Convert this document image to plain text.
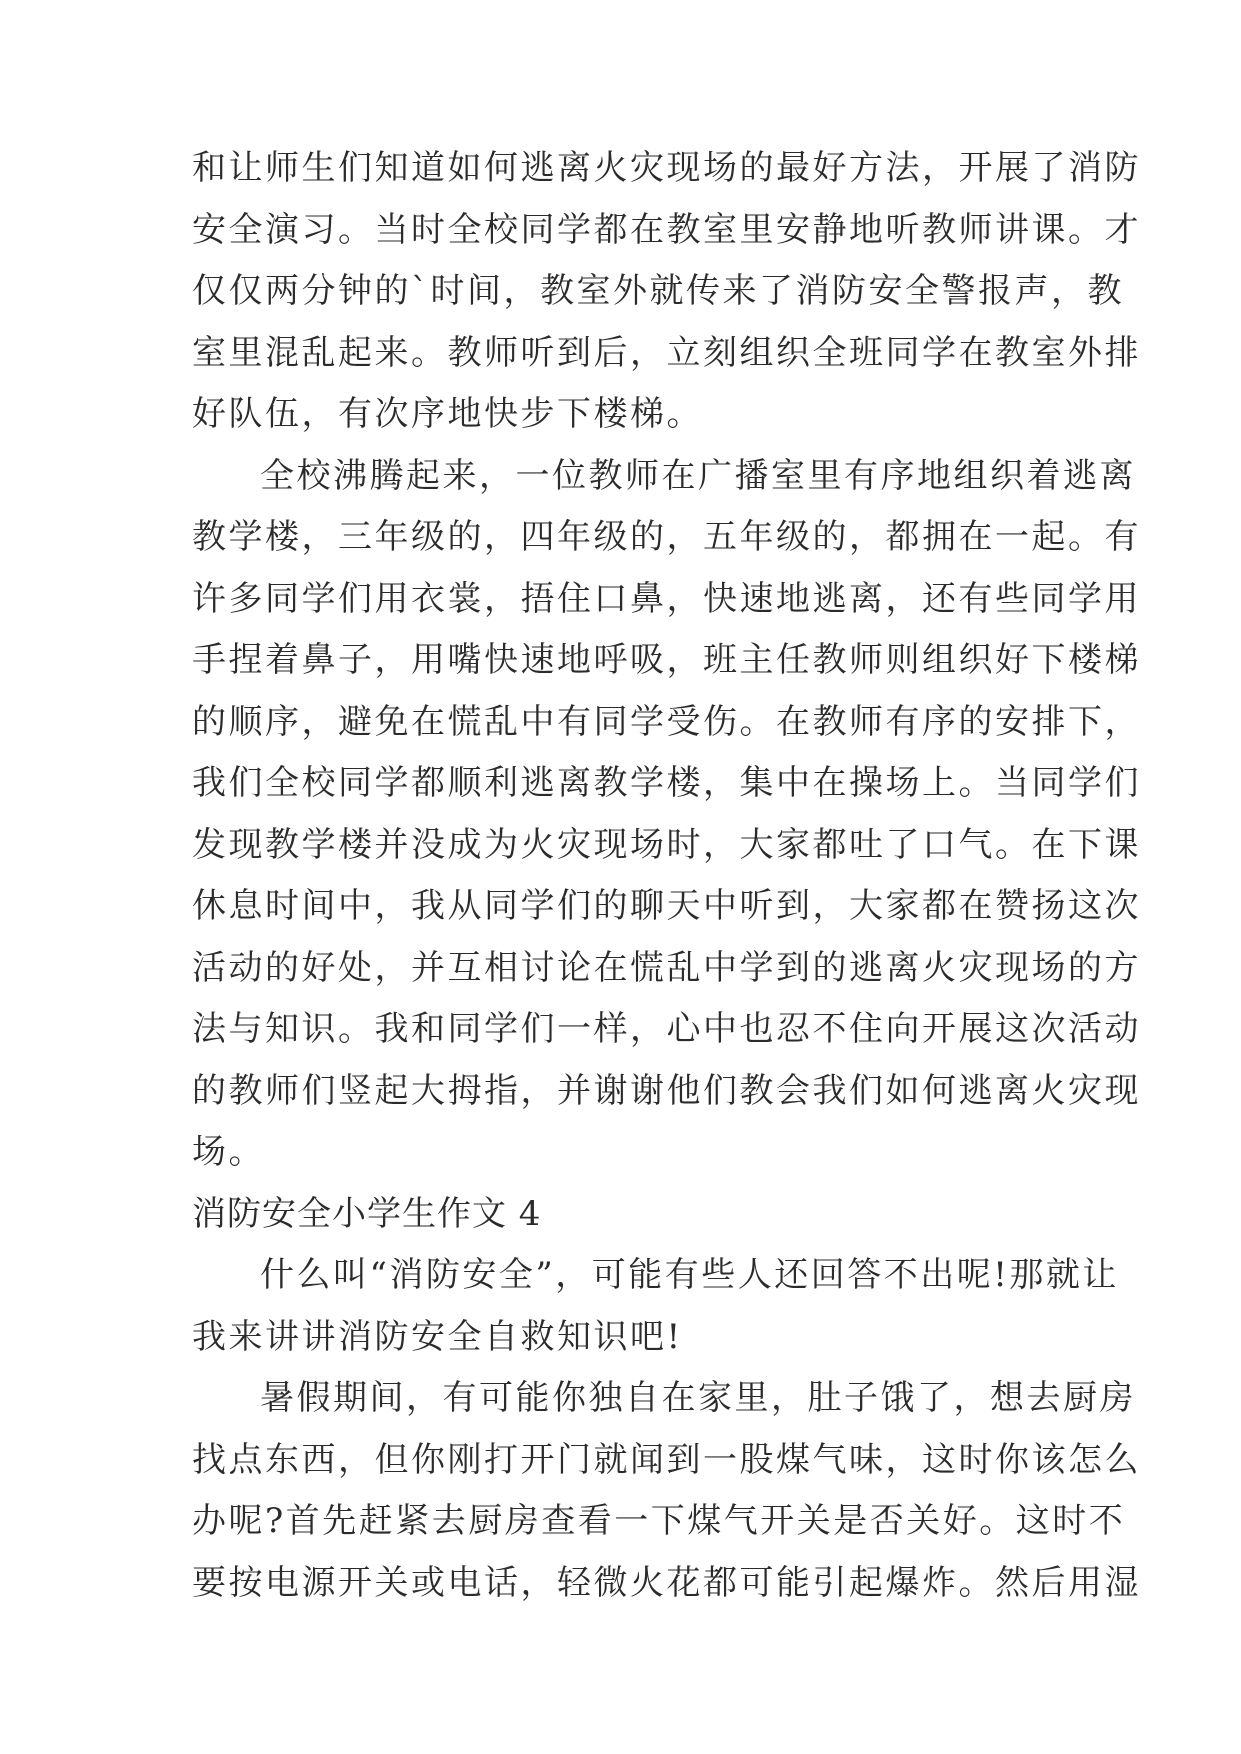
和让师生们知道如何逃离火灾现场的最好方法，开展了消防
安全演习。当时全校同学都在教室里安静地听教师讲课。才
仅仅两分钟的`时间，教室外就传来了消防安全警报声，教
室里混乱起来。教师听到后，立刻组织全班同学在教室外排
好队伍，有次序地快步下楼梯。
全校沸腾起来，一位教师在广播室里有序地组织着逃离
教学楼，三年级的，四年级的，五年级的，都拥在一起。有
许多同学们用衣裳，捂住口鼻，快速地逃离，还有些同学用
手捏着鼻子，用嘴快速地呼吸，班主任教师则组织好下楼梯
的顺序，避免在慌乱中有同学受伤。在教师有序的安排下，
我们全校同学都顺利逃离教学楼，集中在操场上。当同学们
发现教学楼并没成为火灾现场时，大家都吐了口气。在下课
休息时间中，我从同学们的聊天中听到，大家都在赞扬这次
活动的好处，并互相讨论在慌乱中学到的逃离火灾现场的方
法与知识。我和同学们一样，心中也忍不住向开展这次活动
的教师们竖起大拇指，并谢谢他们教会我们如何逃离火灾现
场。
消防安全小学生作文 4
什么叫“消防安全”，可能有些人还回答不出呢!那就让
我来讲讲消防安全自救知识吧!
暑假期间，有可能你独自在家里，肚子饿了，想去厨房
找点东西，但你刚打开门就闻到一股煤气味，这时你该怎么
办呢?首先赶紧去厨房查看一下煤气开关是否关好。这时不
要按电源开关或电话，轻微火花都可能引起爆炸。然后用湿
